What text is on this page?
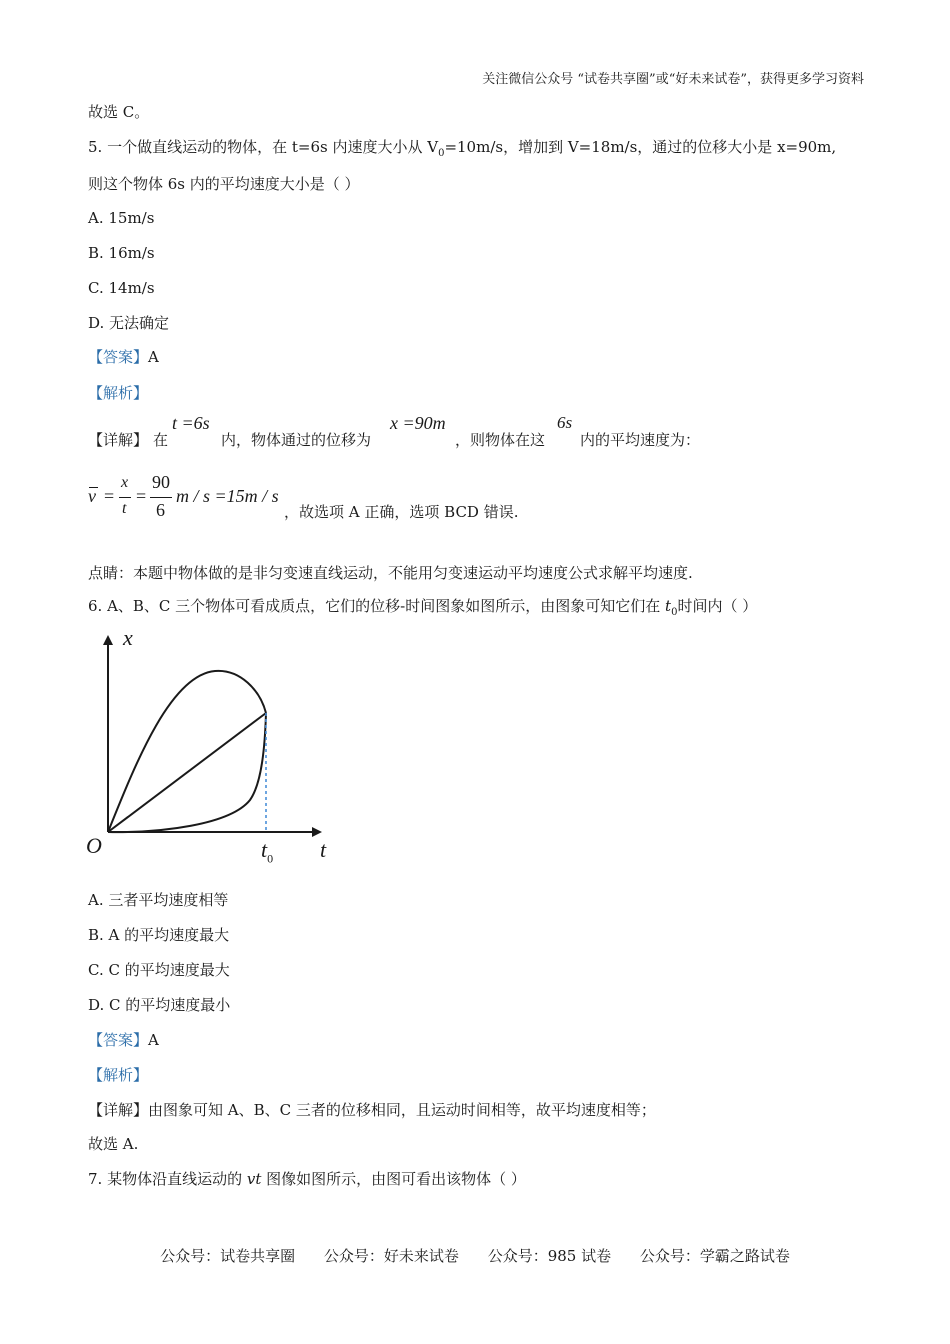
关注微信公众号 “试卷共享圈”或“好未来试卷”，获得更多学习资料
故选 C。
5. 一个做直线运动的物体，在 t=6s 内速度大小从 $V_0=10m/s$，增加到 V=18m/s，通过的位移大小是 x=90m,
则这个物体 6s 内的平均速度大小是（ ）
A. 15m/s
B. 16m/s
C. 14m/s
D. 无法确定
【答案】A
【解析】
【详解】 在
t =6s
内，物体通过的位移为
x =90m
，则物体在这
6s
内的平均速度为：
v =
x
t
=
90
6
m / s =15m / s
，故选项 A 正确，选项 BCD 错误.
点睛：本题中物体做的是非匀变速直线运动，不能用匀变速运动平均速度公式求解平均速度.
6. A、B、C 三个物体可看成质点，它们的位移-时间图象如图所示，由图象可知它们在 $t_0$时间内（ ）
x
O	$t_0$ t
A. 三者平均速度相等
B. A 的平均速度最大
C. C 的平均速度最大
D. C 的平均速度最小
【答案】A
【解析】
【详解】由图象可知 A、B、C 三者的位移相同，且运动时间相等，故平均速度相等；
故选 A.
7. 某物体沿直线运动的 vt 图像如图所示，由图可看出该物体（ ）
公众号：试卷共享圈 公众号：好未来试卷 公众号：985 试卷 公众号：学霸之路试卷
